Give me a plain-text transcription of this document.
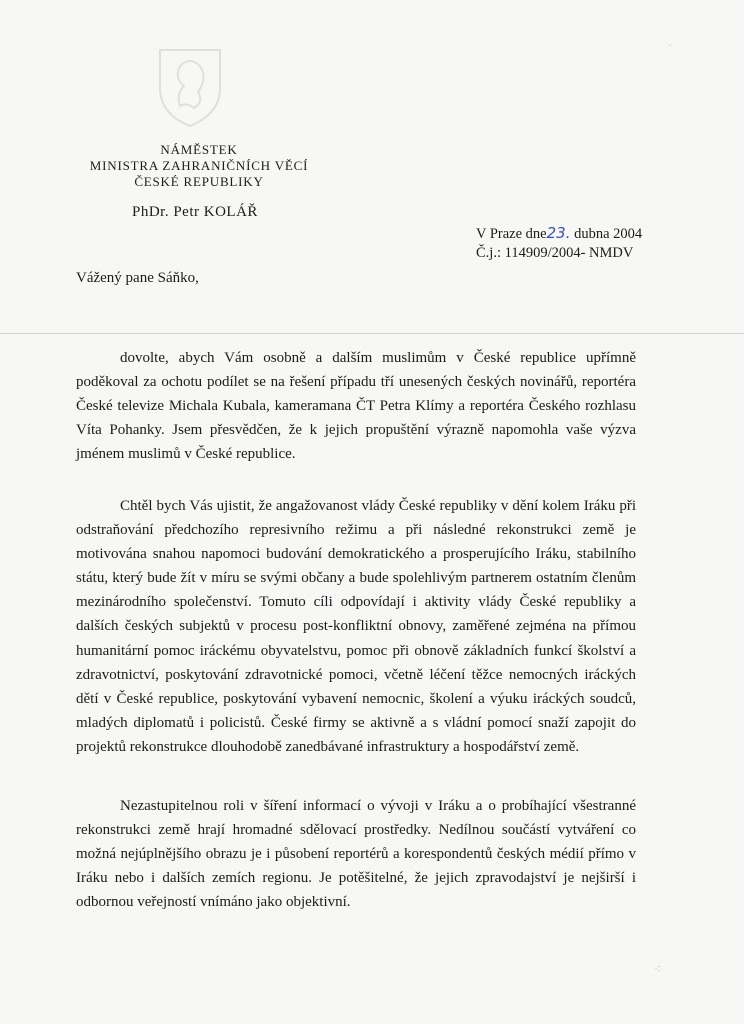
NÁMĚSTEK
MINISTRA ZAHRANIČNÍCH VĚCÍ
ČESKÉ REPUBLIKY
PhDr. Petr KOLÁŘ
V Praze dne23. dubna 2004
Č.j.: 114909/2004- NMDV
Vážený pane Sáňko,
dovolte, abych Vám osobně a dalším muslimům v České republice upřímně poděkoval za ochotu podílet se na řešení případu tří unesených českých novinářů, reportéra České televize Michala Kubala, kameramana ČT Petra Klímy a reportéra Českého rozhlasu Víta Pohanky. Jsem přesvědčen, že k jejich propuštění výrazně napomohla vaše výzva jménem muslimů v České republice.
Chtěl bych Vás ujistit, že angažovanost vlády České republiky v dění kolem Iráku při odstraňování předchozího represivního režimu a při následné rekonstrukci země je motivována snahou napomoci budování demokratického a prosperujícího Iráku, stabilního státu, který bude žít v míru se svými občany a bude spolehlivým partnerem ostatním členům mezinárodního společenství. Tomuto cíli odpovídají i aktivity vlády České republiky a dalších českých subjektů v procesu post-konfliktní obnovy, zaměřené zejména na přímou humanitární pomoc iráckému obyvatelstvu, pomoc při obnově základních funkcí školství a zdravotnictví, poskytování zdravotnické pomoci, včetně léčení těžce nemocných iráckých dětí v České republice, poskytování vybavení nemocnic, školení a výuku iráckých soudců, mladých diplomatů i policistů. České firmy se aktivně a s vládní pomocí snaží zapojit do projektů rekonstrukce dlouhodobě zanedbávané infrastruktury a hospodářství země.
Nezastupitelnou roli v šíření informací o vývoji v Iráku a o probíhající všestranné rekonstrukci země hrají hromadné sdělovací prostředky. Nedílnou součástí vytváření co možná nejúplnějšího obrazu je i působení reportérů a korespondentů českých médií přímo v Iráku nebo i dalších zemích regionu. Je potěšitelné, že jejich zpravodajství je nejširší i odbornou veřejností vnímáno jako objektivní.
·
⁖
